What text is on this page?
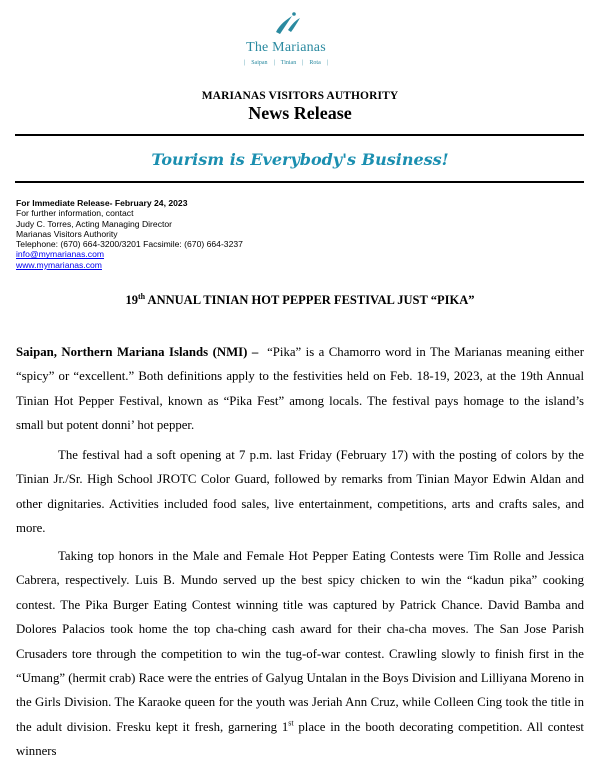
The Marianas
| Saipan | Tinian | Rota |
MARIANAS VISITORS AUTHORITY
News Release
Tourism is Everybody's Business!
For Immediate Release- February 24, 2023
For further information, contact
Judy C. Torres, Acting Managing Director
Marianas Visitors Authority
Telephone: (670) 664-3200/3201 Facsimile: (670) 664-3237
info@mymarianas.com
www.mymarianas.com
19th ANNUAL TINIAN HOT PEPPER FESTIVAL JUST “PIKA”
Saipan, Northern Mariana Islands (NMI) –  “Pika” is a Chamorro word in The Marianas meaning either “spicy” or “excellent.” Both definitions apply to the festivities held on Feb. 18-19, 2023, at the 19th Annual Tinian Hot Pepper Festival, known as “Pika Fest” among locals. The festival pays homage to the island’s small but potent donni’ hot pepper.
The festival had a soft opening at 7 p.m. last Friday (February 17) with the posting of colors by the Tinian Jr./Sr. High School JROTC Color Guard, followed by remarks from Tinian Mayor Edwin Aldan and other dignitaries. Activities included food sales, live entertainment, competitions, arts and crafts sales, and more.
Taking top honors in the Male and Female Hot Pepper Eating Contests were Tim Rolle and Jessica Cabrera, respectively. Luis B. Mundo served up the best spicy chicken to win the “kadun pika” cooking contest. The Pika Burger Eating Contest winning title was captured by Patrick Chance. David Bamba and Dolores Palacios took home the top cha-ching cash award for their cha-cha moves. The San Jose Parish Crusaders tore through the competition to win the tug-of-war contest. Crawling slowly to finish first in the “Umang” (hermit crab) Race were the entries of Galyug Untalan in the Boys Division and Lilliyana Moreno in the Girls Division. The Karaoke queen for the youth was Jeriah Ann Cruz, while Colleen Cing took the title in the adult division. Fresku kept it fresh, garnering 1st place in the booth decorating competition. All contest winners
